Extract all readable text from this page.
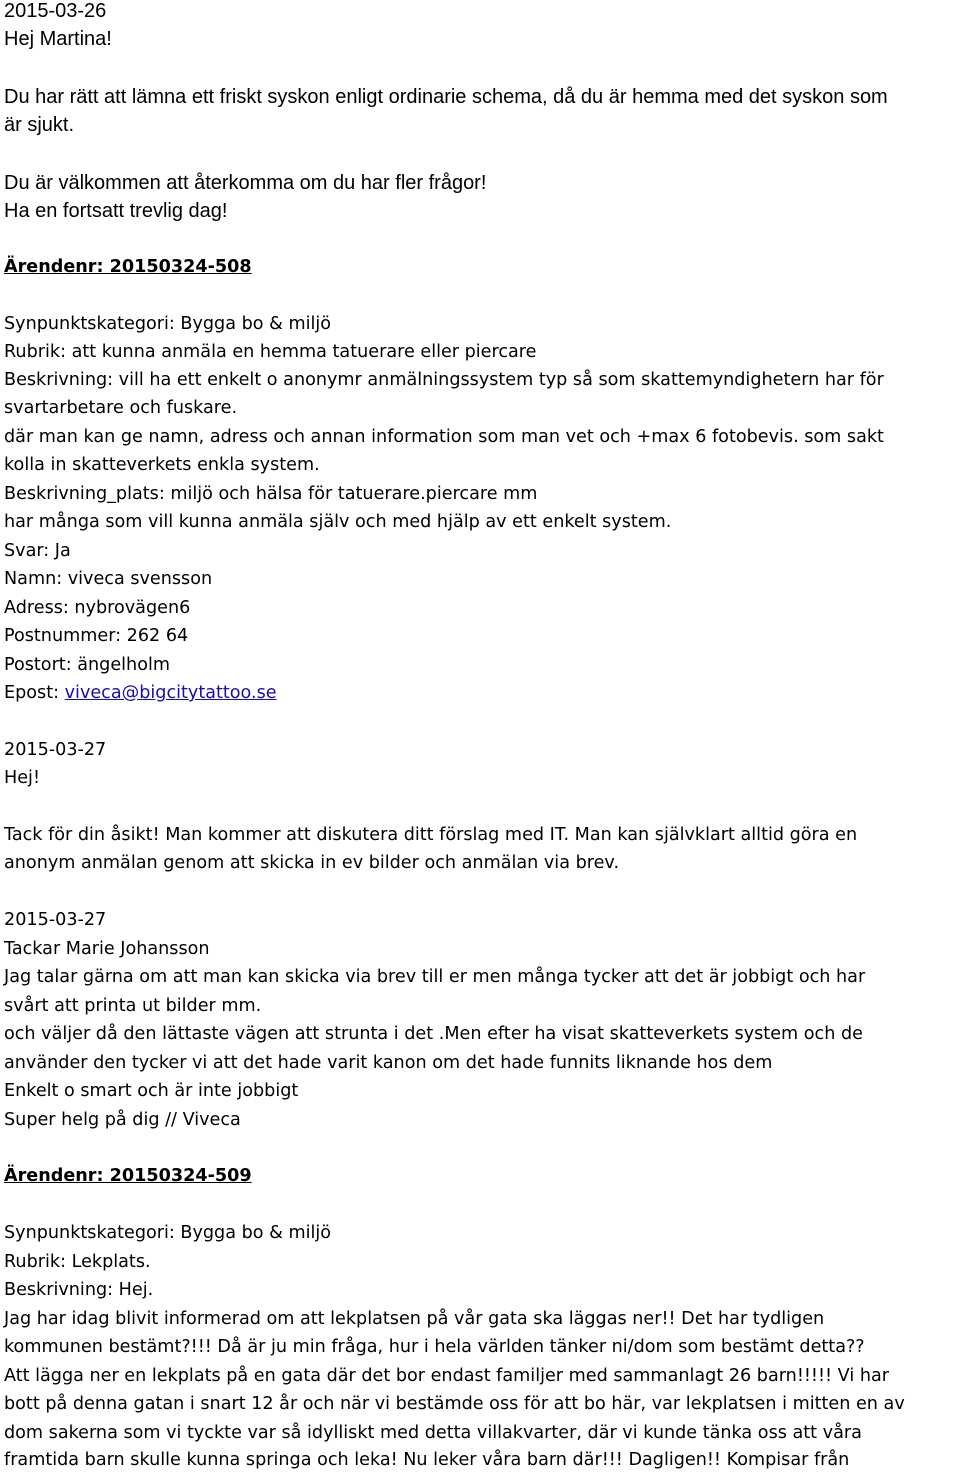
2015-03-26
Hej Martina!
Du har rätt att lämna ett friskt syskon enligt ordinarie schema, då du är hemma med det syskon som
är sjukt.
Du är välkommen att återkomma om du har fler frågor!
Ha en fortsatt trevlig dag!
Ärendenr: 20150324-508
Synpunktskategori: Bygga bo & miljö
Rubrik: att kunna anmäla en hemma tatuerare eller piercare
Beskrivning: vill ha ett enkelt o anonymr anmälningssystem typ så som skattemyndighetern har för
svartarbetare och fuskare.
där man kan ge namn, adress och annan information som man vet och +max 6 fotobevis. som sakt
kolla in skatteverkets enkla system.
Beskrivning_plats: miljö och hälsa för tatuerare.piercare mm
har många som vill kunna anmäla själv och med hjälp av ett enkelt system.
Svar: Ja
Namn: viveca svensson
Adress: nybrovägen6
Postnummer: 262 64
Postort: ängelholm
Epost: viveca@bigcitytattoo.se
2015-03-27
Hej!
Tack för din åsikt! Man kommer att diskutera ditt förslag med IT. Man kan självklart alltid göra en
anonym anmälan genom att skicka in ev bilder och anmälan via brev.
2015-03-27
Tackar Marie Johansson
Jag talar gärna om att man kan skicka via brev till er men många tycker att det är jobbigt och har
svårt att printa ut bilder mm.
och väljer då den lättaste vägen att strunta i det .Men efter ha visat skatteverkets system och de
använder den tycker vi att det hade varit kanon om det hade funnits liknande hos dem
Enkelt o smart och är inte jobbigt
Super helg på dig // Viveca
Ärendenr: 20150324-509
Synpunktskategori: Bygga bo & miljö
Rubrik: Lekplats.
Beskrivning: Hej.
Jag har idag blivit informerad om att lekplatsen på vår gata ska läggas ner!! Det har tydligen
kommunen bestämt?!!! Då är ju min fråga, hur i hela världen tänker ni/dom som bestämt detta??
Att lägga ner en lekplats på en gata där det bor endast familjer med sammanlagt 26 barn!!!!! Vi har
bott på denna gatan i snart 12 år och när vi bestämde oss för att bo här, var lekplatsen i mitten en av
dom sakerna som vi tyckte var så idylliskt med detta villakvarter, där vi kunde tänka oss att våra
framtida barn skulle kunna springa och leka! Nu leker våra barn där!!! Dagligen!! Kompisar från
